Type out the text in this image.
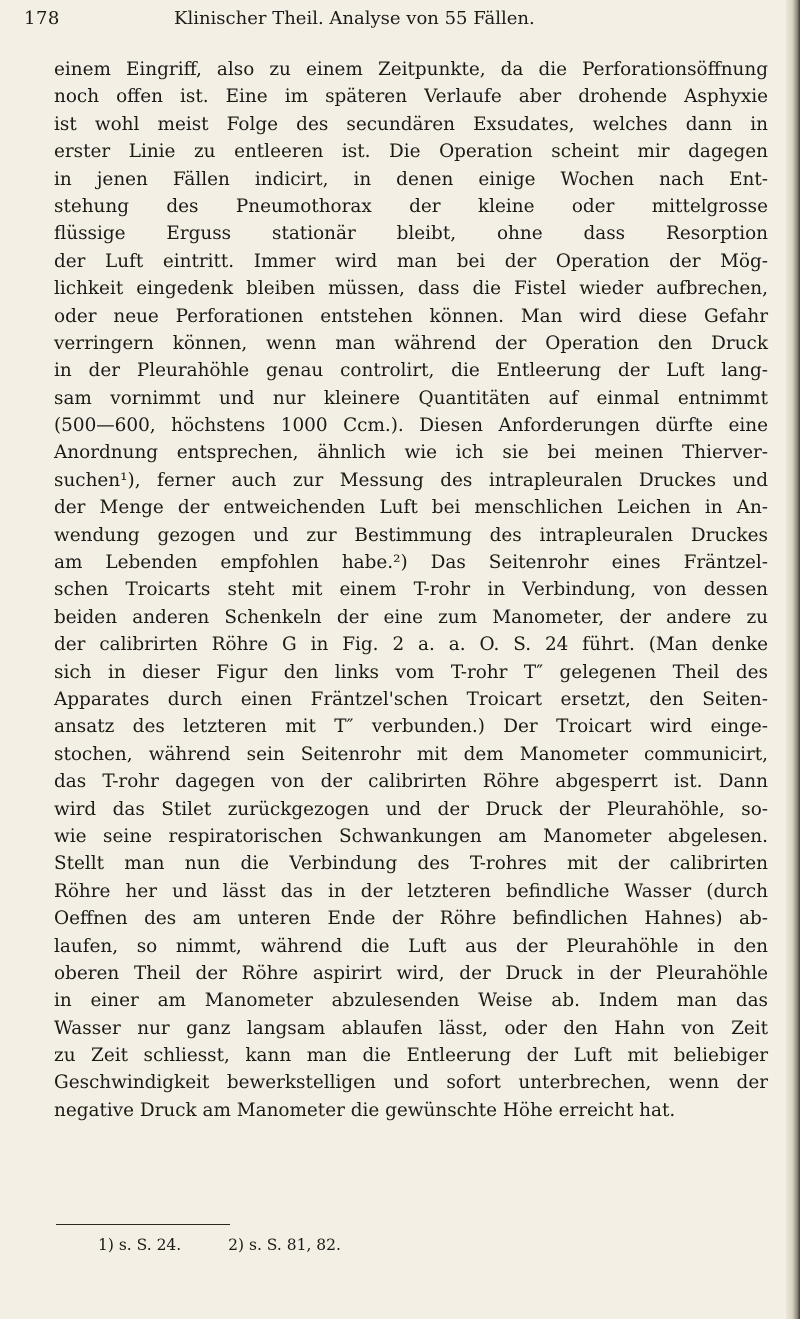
178	Klinischer Theil. Analyse von 55 Fällen.
einem Eingriff, also zu einem Zeitpunkte, da die Perforationsöffnung
noch offen ist. Eine im späteren Verlaufe aber drohende Asphyxie
ist wohl meist Folge des secundären Exsudates, welches dann in
erster Linie zu entleeren ist. Die Operation scheint mir dagegen
in jenen Fällen indicirt, in denen einige Wochen nach Ent-
stehung des Pneumothorax der kleine oder mittelgrosse
flüssige Erguss stationär bleibt, ohne dass Resorption
der Luft eintritt. Immer wird man bei der Operation der Mög-
lichkeit eingedenk bleiben müssen, dass die Fistel wieder aufbrechen,
oder neue Perforationen entstehen können. Man wird diese Gefahr
verringern können, wenn man während der Operation den Druck
in der Pleurahöhle genau controlirt, die Entleerung der Luft lang-
sam vornimmt und nur kleinere Quantitäten auf einmal entnimmt
(500—600, höchstens 1000 Ccm.). Diesen Anforderungen dürfte eine
Anordnung entsprechen, ähnlich wie ich sie bei meinen Thierver-
suchen¹), ferner auch zur Messung des intrapleuralen Druckes und
der Menge der entweichenden Luft bei menschlichen Leichen in An-
wendung gezogen und zur Bestimmung des intrapleuralen Druckes
am Lebenden empfohlen habe.²) Das Seitenrohr eines Fräntzel-
schen Troicarts steht mit einem T-rohr in Verbindung, von dessen
beiden anderen Schenkeln der eine zum Manometer, der andere zu
der calibrirten Röhre G in Fig. 2 a. a. O. S. 24 führt. (Man denke
sich in dieser Figur den links vom T-rohr T″ gelegenen Theil des
Apparates durch einen Fräntzel'schen Troicart ersetzt, den Seiten-
ansatz des letzteren mit T″ verbunden.) Der Troicart wird einge-
stochen, während sein Seitenrohr mit dem Manometer communicirt,
das T-rohr dagegen von der calibrirten Röhre abgesperrt ist. Dann
wird das Stilet zurückgezogen und der Druck der Pleurahöhle, so-
wie seine respiratorischen Schwankungen am Manometer abgelesen.
Stellt man nun die Verbindung des T-rohres mit der calibrirten
Röhre her und lässt das in der letzteren befindliche Wasser (durch
Oeffnen des am unteren Ende der Röhre befindlichen Hahnes) ab-
laufen, so nimmt, während die Luft aus der Pleurahöhle in den
oberen Theil der Röhre aspirirt wird, der Druck in der Pleurahöhle
in einer am Manometer abzulesenden Weise ab. Indem man das
Wasser nur ganz langsam ablaufen lässt, oder den Hahn von Zeit
zu Zeit schliesst, kann man die Entleerung der Luft mit beliebiger
Geschwindigkeit bewerkstelligen und sofort unterbrechen, wenn der
negative Druck am Manometer die gewünschte Höhe erreicht hat.
1) s. S. 24.	2) s. S. 81, 82.
